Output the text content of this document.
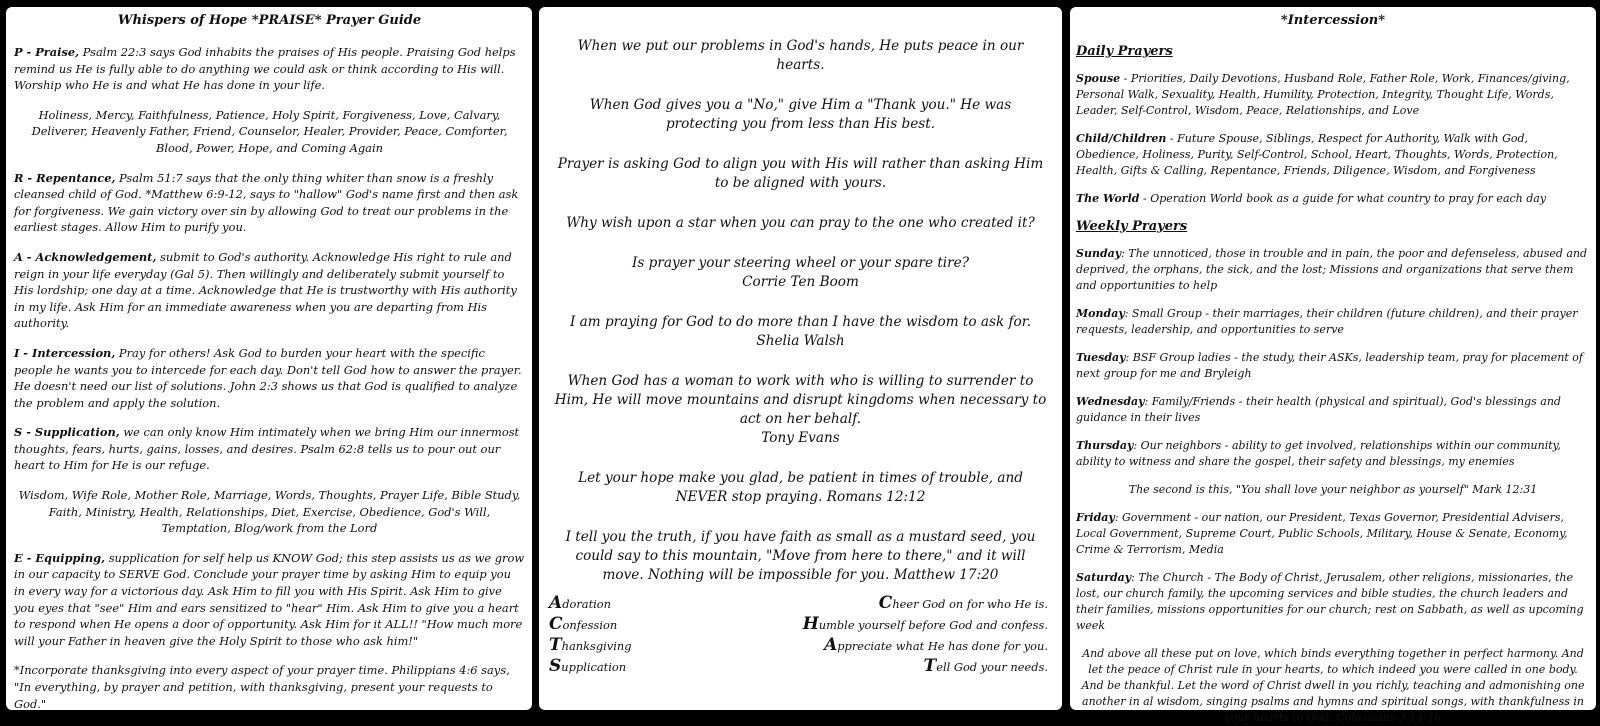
Whispers of Hope *PRAISE* Prayer Guide
P - Praise, Psalm 22:3 says God inhabits the praises of His people. Praising God helps remind us He is fully able to do anything we could ask or think according to His will. Worship who He is and what He has done in your life.
Holiness, Mercy, Faithfulness, Patience, Holy Spirit, Forgiveness, Love, Calvary, Deliverer, Heavenly Father, Friend, Counselor, Healer, Provider, Peace, Comforter, Blood, Power, Hope, and Coming Again
R - Repentance, Psalm 51:7 says that the only thing whiter than snow is a freshly cleansed child of God. *Matthew 6:9-12, says to "hallow" God's name first and then ask for forgiveness. We gain victory over sin by allowing God to treat our problems in the earliest stages. Allow Him to purify you.
A - Acknowledgement, submit to God's authority. Acknowledge His right to rule and reign in your life everyday (Gal 5). Then willingly and deliberately submit yourself to His lordship; one day at a time. Acknowledge that He is trustworthy with His authority in my life. Ask Him for an immediate awareness when you are departing from His authority.
I - Intercession, Pray for others! Ask God to burden your heart with the specific people he wants you to intercede for each day. Don't tell God how to answer the prayer. He doesn't need our list of solutions. John 2:3 shows us that God is qualified to analyze the problem and apply the solution.
S - Supplication, we can only know Him intimately when we bring Him our innermost thoughts, fears, hurts, gains, losses, and desires. Psalm 62:8 tells us to pour out our heart to Him for He is our refuge.
Wisdom, Wife Role, Mother Role, Marriage, Words, Thoughts, Prayer Life, Bible Study, Faith, Ministry, Health, Relationships, Diet, Exercise, Obedience, God's Will, Temptation, Blog/work from the Lord
E - Equipping, supplication for self help us KNOW God; this step assists us as we grow in our capacity to SERVE God. Conclude your prayer time by asking Him to equip you in every way for a victorious day. Ask Him to fill you with His Spirit. Ask Him to give you eyes that "see" Him and ears sensitized to "hear" Him. Ask Him to give you a heart to respond when He opens a door of opportunity. Ask Him for it ALL!! "How much more will your Father in heaven give the Holy Spirit to those who ask him!"
*Incorporate thanksgiving into every aspect of your prayer time. Philippians 4:6 says, "In everything, by prayer and petition, with thanksgiving, present your requests to God."
When we put our problems in God's hands, He puts peace in our hearts.
When God gives you a "No," give Him a "Thank you." He was protecting you from less than His best.
Prayer is asking God to align you with His will rather than asking Him to be aligned with yours.
Why wish upon a star when you can pray to the one who created it?
Is prayer your steering wheel or your spare tire?
Corrie Ten Boom
I am praying for God to do more than I have the wisdom to ask for.
Shelia Walsh
When God has a woman to work with who is willing to surrender to Him, He will move mountains and disrupt kingdoms when necessary to act on her behalf.
Tony Evans
Let your hope make you glad, be patient in times of trouble, and NEVER stop praying. Romans 12:12
I tell you the truth, if you have faith as small as a mustard seed, you could say to this mountain, "Move from here to there," and it will move. Nothing will be impossible for you. Matthew 17:20
Adoration	Cheer God on for who He is.
Confession	Humble yourself before God and confess.
Thanksgiving	Appreciate what He has done for you.
Supplication	Tell God your needs.
*Intercession*
Daily Prayers
Spouse - Priorities, Daily Devotions, Husband Role, Father Role, Work, Finances/giving, Personal Walk, Sexuality, Health, Humility, Protection, Integrity, Thought Life, Words, Leader, Self-Control, Wisdom, Peace, Relationships, and Love
Child/Children - Future Spouse, Siblings, Respect for Authority, Walk with God, Obedience, Holiness, Purity, Self-Control, School, Heart, Thoughts, Words, Protection, Health, Gifts & Calling, Repentance, Friends, Diligence, Wisdom, and Forgiveness
The World - Operation World book as a guide for what country to pray for each day
Weekly Prayers
Sunday: The unnoticed, those in trouble and in pain, the poor and defenseless, abused and deprived, the orphans, the sick, and the lost; Missions and organizations that serve them and opportunities to help
Monday: Small Group - their marriages, their children (future children), and their prayer requests, leadership, and opportunities to serve
Tuesday: BSF Group ladies - the study, their ASKs, leadership team, pray for placement of next group for me and Bryleigh
Wednesday: Family/Friends - their health (physical and spiritual), God's blessings and guidance in their lives
Thursday: Our neighbors - ability to get involved, relationships within our community, ability to witness and share the gospel, their safety and blessings, my enemies
The second is this, "You shall love your neighbor as yourself" Mark 12:31
Friday: Government - our nation, our President, Texas Governor, Presidential Advisers, Local Government, Supreme Court, Public Schools, Military, House & Senate, Economy, Crime & Terrorism, Media
Saturday: The Church - The Body of Christ, Jerusalem, other religions, missionaries, the lost, our church family, the upcoming services and bible studies, the church leaders and their families, missions opportunities for our church; rest on Sabbath, as well as upcoming week
And above all these put on love, which binds everything together in perfect harmony. And let the peace of Christ rule in your hearts, to which indeed you were called in one body. And be thankful. Let the word of Christ dwell in you richly, teaching and admonishing one another in al wisdom, singing psalms and hymns and spiritual songs, with thankfulness in your hearts to God. Colossians 3:14-16
